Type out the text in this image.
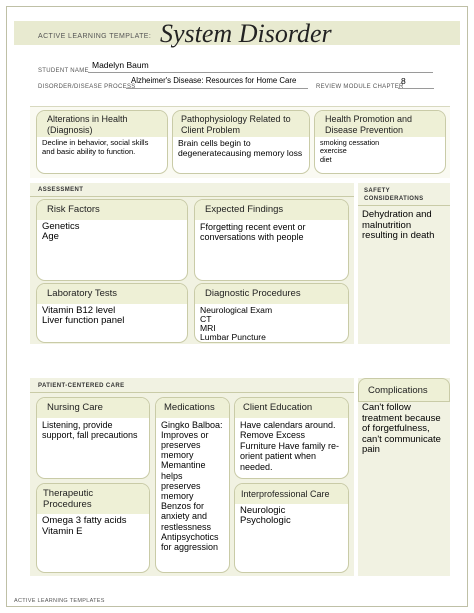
ACTIVE LEARNING TEMPLATE: System Disorder
STUDENT NAME
Madelyn Baum
DISORDER/DISEASE PROCESS
Alzheimer's Disease: Resources for Home Care
REVIEW MODULE CHAPTER
8
Alterations in Health (Diagnosis)
Decline in behavior, social skills and basic ability to function.
Pathophysiology Related to Client Problem
Brain cells begin to degeneratecausing memory loss
Health Promotion and Disease Prevention
smoking cessation
exercise
diet
ASSESSMENT
Risk Factors
Genetics
Age
Expected Findings
Fforgetting recent event or conversations with people
Laboratory Tests
Vitamin B12 level
Liver function panel
Diagnostic Procedures
Neurological Exam
CT
MRI
Lumbar Puncture
SAFETY CONSIDERATIONS
Dehydration and malnutrition resulting in death
PATIENT-CENTERED CARE
Nursing Care
Listening, provide support, fall precautions
Medications
Gingko Balboa: Improves or preserves memory Memantine helps preserves memory Benzos for anxiety and restlessness Antipsychotics for aggression
Client Education
Have calendars around. Remove Excess Furniture Have family re-orient patient when needed.
Therapeutic Procedures
Omega 3 fatty acids
Vitamin E
Interprofessional Care
Neurologic
Psychologic
Complications
Can't follow treatment because of forgetfulness, can't communicate pain
ACTIVE LEARNING TEMPLATES
